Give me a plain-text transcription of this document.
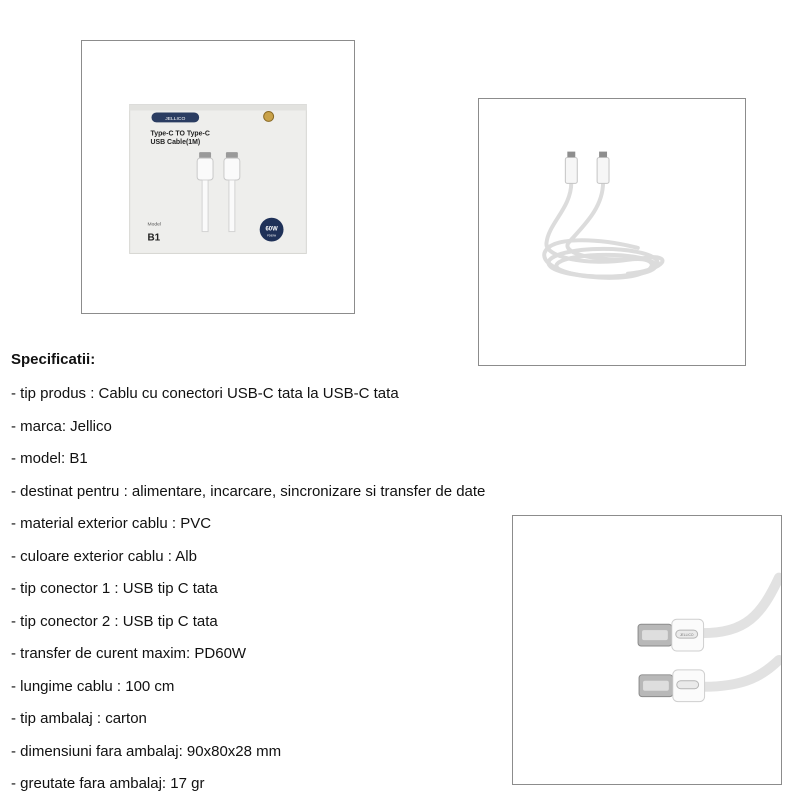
JELLICO
Type-C TO Type-C
USB Cable(1M)
Model
B1
60W
PD60W
JELLICO
Specificatii:
- tip produs : Cablu cu conectori USB-C tata la USB-C tata
- marca: Jellico
- model: B1
- destinat pentru : alimentare, incarcare, sincronizare si transfer de date
- material exterior cablu : PVC
- culoare exterior cablu : Alb
- tip conector 1 : USB tip C tata
- tip conector 2 : USB tip C tata
- transfer de curent maxim: PD60W
- lungime cablu : 100 cm
- tip ambalaj : carton
- dimensiuni fara ambalaj: 90x80x28 mm
- greutate fara ambalaj: 17 gr
